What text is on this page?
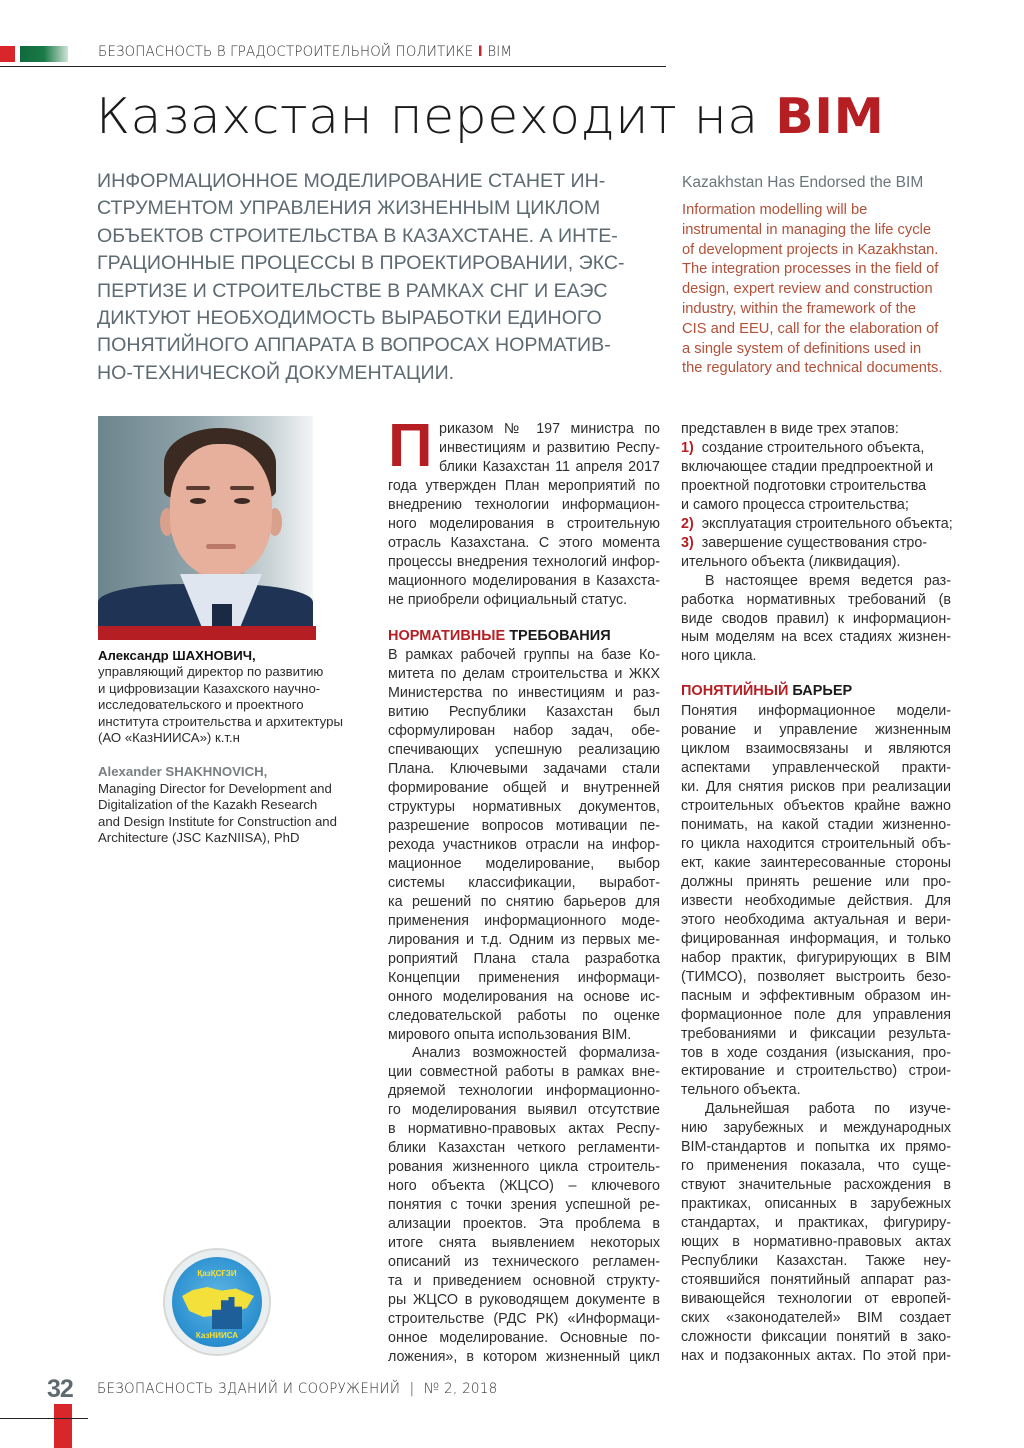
БЕЗОПАСНОСТЬ В ГРАДОСТРОИТЕЛЬНОЙ ПОЛИТИКЕ I BIM
Казахстан переходит на BIM
ИНФОРМАЦИОННОЕ МОДЕЛИРОВАНИЕ СТАНЕТ ИН-
СТРУМЕНТОМ УПРАВЛЕНИЯ ЖИЗНЕННЫМ ЦИКЛОМ
ОБЪЕКТОВ СТРОИТЕЛЬСТВА В КАЗАХСТАНЕ. А ИНТЕ-
ГРАЦИОННЫЕ ПРОЦЕССЫ В ПРОЕКТИРОВАНИИ, ЭКС-
ПЕРТИЗЕ И СТРОИТЕЛЬСТВЕ В РАМКАХ СНГ И ЕАЭС
ДИКТУЮТ НЕОБХОДИМОСТЬ ВЫРАБОТКИ ЕДИНОГО
ПОНЯТИЙНОГО АППАРАТА В ВОПРОСАХ НОРМАТИВ-
НО-ТЕХНИЧЕСКОЙ ДОКУМЕНТАЦИИ.
Kazakhstan Has Endorsed the BIM
Information modelling will be
instrumental in managing the life cycle
of development projects in Kazakhstan.
The integration processes in the field of
design, expert review and construction
industry, within the framework of the
CIS and EEU, call for the elaboration of
a single system of definitions used in
the regulatory and technical documents.
Александр ШАХНОВИЧ,
управляющий директор по развитию
и цифровизации Казахского научно-
исследовательского и проектного
института строительства и архитектуры
(АО «КазНИИСА») к.т.н
Alexander SHAKHNOVICH,
Managing Director for Development and
Digitalization of the Kazakh Research
and Design Institute for Construction and
Architecture (JSC KazNIISA), PhD
ҚазҚСҒЗИ
КазНИИСА
П риказом № 197 министра по
инвестициям и развитию Респу-
блики Казахстан 11 апреля 2017
года утвержден План мероприятий по
внедрению технологии информацион-
ного моделирования в строительную
отрасль Казахстана. С этого момента
процессы внедрения технологий инфор-
мационного моделирования в Казахста-
не приобрели официальный статус.
НОРМАТИВНЫЕ ТРЕБОВАНИЯ
В рамках рабочей группы на базе Ко-
митета по делам строительства и ЖКХ
Министерства по инвестициям и раз-
витию Республики Казахстан был
сформулирован набор задач, обе-
спечивающих успешную реализацию
Плана. Ключевыми задачами стали
формирование общей и внутренней
структуры нормативных документов,
разрешение вопросов мотивации пе-
рехода участников отрасли на инфор-
мационное моделирование, выбор
системы классификации, выработ-
ка решений по снятию барьеров для
применения информационного моде-
лирования и т.д. Одним из первых ме-
роприятий Плана стала разработка
Концепции применения информаци-
онного моделирования на основе ис-
следовательской работы по оценке
мирового опыта использования BIM.
Анализ возможностей формализа-
ции совместной работы в рамках вне-
дряемой технологии информационно-
го моделирования выявил отсутствие
в нормативно-правовых актах Респу-
блики Казахстан четкого регламенти-
рования жизненного цикла строитель-
ного объекта (ЖЦСО) – ключевого
понятия с точки зрения успешной ре-
ализации проектов. Эта проблема в
итоге снята выявлением некоторых
описаний из технического регламен-
та и приведением основной структу-
ры ЖЦСО в руководящем документе в
строительстве (РДС РК) «Информаци-
онное моделирование. Основные по-
ложения», в котором жизненный цикл
представлен в виде трех этапов:
1) создание строительного объекта,
включающее стадии предпроектной и
проектной подготовки строительства
и самого процесса строительства;
2) эксплуатация строительного объекта;
3) завершение существования стро-
ительного объекта (ликвидация).
В настоящее время ведется раз-
работка нормативных требований (в
виде сводов правил) к информацион-
ным моделям на всех стадиях жизнен-
ного цикла.
ПОНЯТИЙНЫЙ БАРЬЕР
Понятия информационное модели-
рование и управление жизненным
циклом взаимосвязаны и являются
аспектами управленческой практи-
ки. Для снятия рисков при реализации
строительных объектов крайне важно
понимать, на какой стадии жизненно-
го цикла находится строительный объ-
ект, какие заинтересованные стороны
должны принять решение или про-
извести необходимые действия. Для
этого необходима актуальная и вери-
фицированная информация, и только
набор практик, фигурирующих в BIM
(ТИМСО), позволяет выстроить безо-
пасным и эффективным образом ин-
формационное поле для управления
требованиями и фиксации результа-
тов в ходе создания (изыскания, про-
ектирование и строительство) строи-
тельного объекта.
Дальнейшая работа по изуче-
нию зарубежных и международных
BIM-стандартов и попытка их прямо-
го применения показала, что суще-
ствуют значительные расхождения в
практиках, описанных в зарубежных
стандартах, и практиках, фигуриру-
ющих в нормативно-правовых актах
Республики Казахстан. Также неу-
стоявшийся понятийный аппарат раз-
вивающейся технологии от европей-
ских «законодателей» BIM создает
сложности фиксации понятий в зако-
нах и подзаконных актах. По этой при-
32 БЕЗОПАСНОСТЬ ЗДАНИЙ И СООРУЖЕНИЙ | № 2, 2018
